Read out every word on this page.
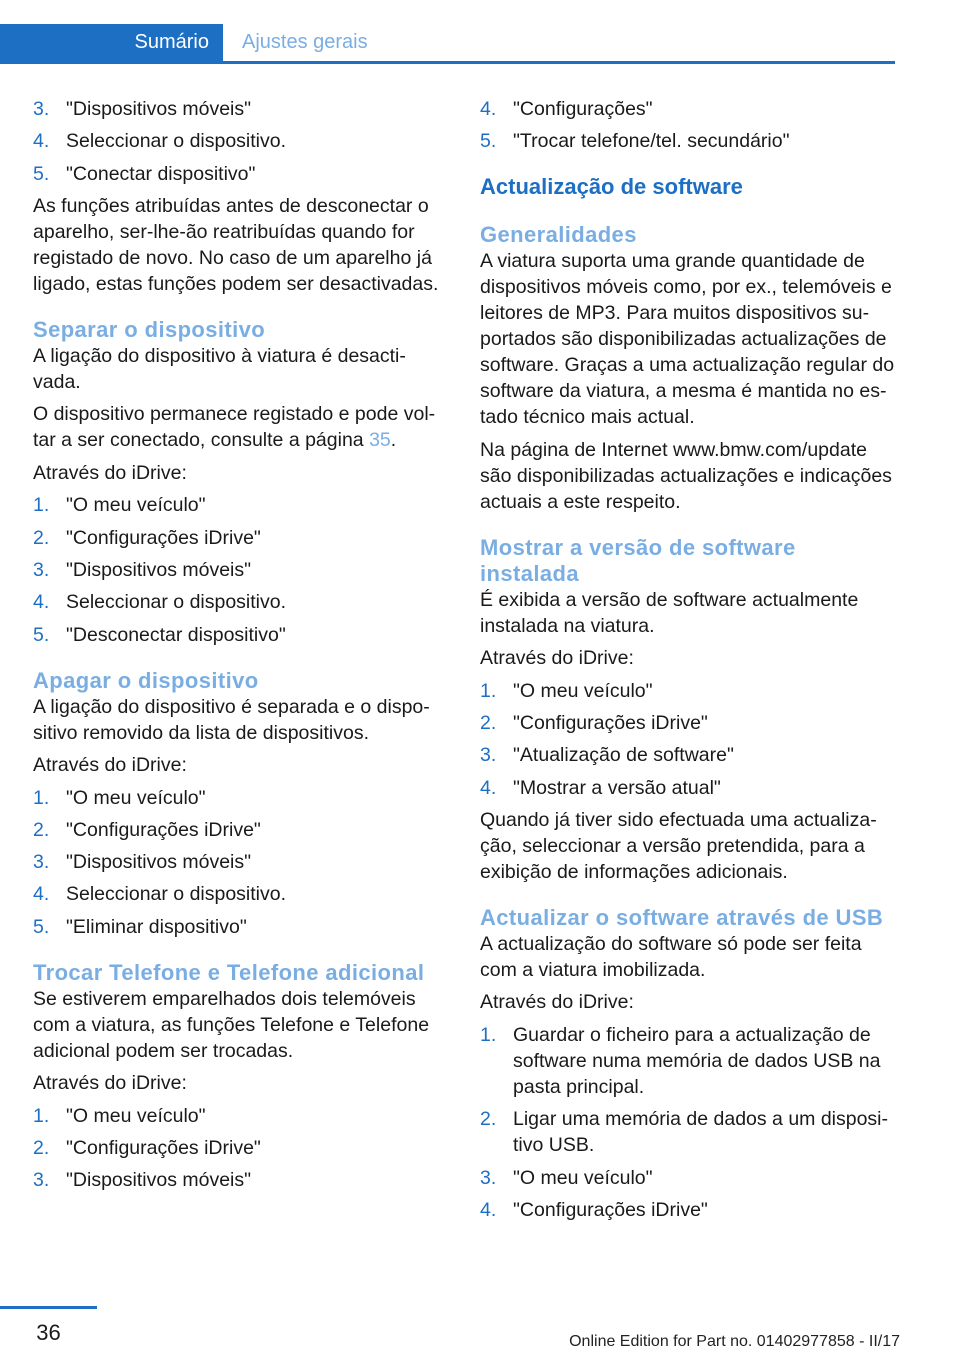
Sumário	Ajustes gerais
3. "Dispositivos móveis"
4. Seleccionar o dispositivo.
5. "Conectar dispositivo"

As funções atribuídas antes de desconectar o aparelho, ser-lhe-ão reatribuídas quando for registado de novo. No caso de um aparelho já ligado, estas funções podem ser desactivadas.

Separar o dispositivo

A ligação do dispositivo à viatura é desactivada.

O dispositivo permanece registado e pode voltar a ser conectado, consulte a página 35.

Através do iDrive:

1. "O meu veículo"
2. "Configurações iDrive"
3. "Dispositivos móveis"
4. Seleccionar o dispositivo.
5. "Desconectar dispositivo"
Apagar o dispositivo

A ligação do dispositivo é separada e o dispositivo removido da lista de dispositivos.

Através do iDrive:

1. "O meu veículo"
2. "Configurações iDrive"
3. "Dispositivos móveis"
4. Seleccionar o dispositivo.
5. "Eliminar dispositivo"
Trocar Telefone e Telefone adicional

Se estiverem emparelhados dois telemóveis com a viatura, as funções Telefone e Telefone adicional podem ser trocadas.

Através do iDrive:

1. "O meu veículo"
2. "Configurações iDrive"
3. "Dispositivos móveis"
4. "Configurações"
5. "Trocar telefone/tel. secundário"
Actualização de software
Generalidades

A viatura suporta uma grande quantidade de dispositivos móveis como, por ex., telemóveis e leitores de MP3. Para muitos dispositivos suportados são disponibilizadas actualizações de software. Graças a uma actualização regular do software da viatura, a mesma é mantida no estado técnico mais actual.

Na página de Internet www.bmw.com/update são disponibilizadas actualizações e indicações actuais a este respeito.

Mostrar a versão de software instalada

É exibida a versão de software actualmente instalada na viatura.

Através do iDrive:

1. "O meu veículo"
2. "Configurações iDrive"
3. "Atualização de software"
4. "Mostrar a versão atual"

Quando já tiver sido efectuada uma actualização, seleccionar a versão pretendida, para a exibição de informações adicionais.

Actualizar o software através de USB

A actualização do software só pode ser feita com a viatura imobilizada.

Através do iDrive:

1. Guardar o ficheiro para a actualização de software numa memória de dados USB na pasta principal.
2. Ligar uma memória de dados a um dispositivo USB.
3. "O meu veículo"
4. "Configurações iDrive"
36	Online Edition for Part no. 01402977858 - II/17
